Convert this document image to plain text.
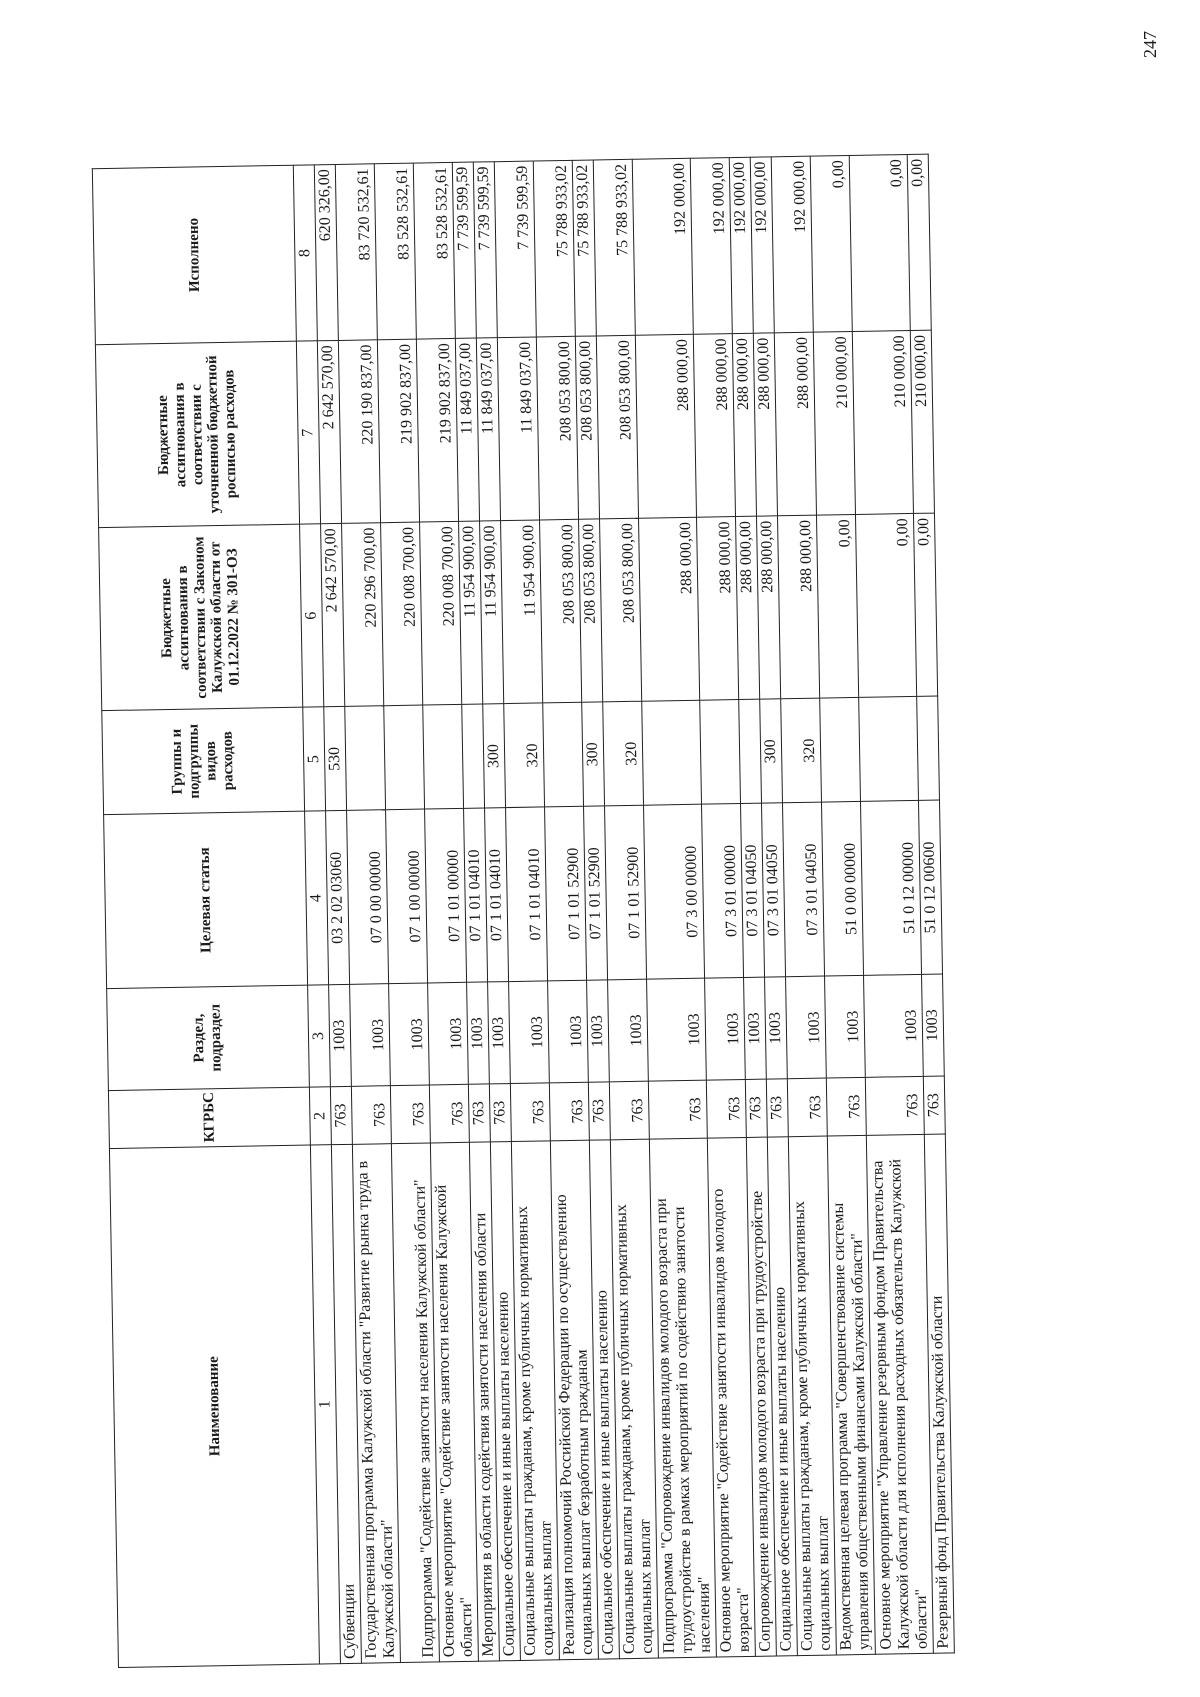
247
Наименование	КГРБС	Раздел, подраздел	Целевая статья	Группы и подгруппы видов расходов	Бюджетные ассигнования в соответствии с Законом Калужской области от 01.12.2022 № 301-ОЗ	Бюджетные ассигнования в соответствии с уточненной бюджетной росписью расходов	Исполнено
1	2	3	4	5	6	7	8
Субвенции	763	1003	03 2 02 03060	530	2 642 570,00	2 642 570,00	620 326,00
Государственная программа Калужской области "Развитие рынка труда в Калужской области"	763	1003	07 0 00 00000		220 296 700,00	220 190 837,00	83 720 532,61
Подпрограмма "Содействие занятости населения Калужской области"	763	1003	07 1 00 00000		220 008 700,00	219 902 837,00	83 528 532,61
Основное мероприятие "Содействие занятости населения Калужской области"	763	1003	07 1 01 00000		220 008 700,00	219 902 837,00	83 528 532,61
Мероприятия в области содействия занятости населения области	763	1003	07 1 01 04010		11 954 900,00	11 849 037,00	7 739 599,59
Социальное обеспечение и иные выплаты населению	763	1003	07 1 01 04010	300	11 954 900,00	11 849 037,00	7 739 599,59
Социальные выплаты гражданам, кроме публичных нормативных социальных выплат	763	1003	07 1 01 04010	320	11 954 900,00	11 849 037,00	7 739 599,59
Реализация полномочий Российской Федерации по осуществлению социальных выплат безработным гражданам	763	1003	07 1 01 52900		208 053 800,00	208 053 800,00	75 788 933,02
Социальное обеспечение и иные выплаты населению	763	1003	07 1 01 52900	300	208 053 800,00	208 053 800,00	75 788 933,02
Социальные выплаты гражданам, кроме публичных нормативных социальных выплат	763	1003	07 1 01 52900	320	208 053 800,00	208 053 800,00	75 788 933,02
Подпрограмма "Сопровождение инвалидов молодого возраста при трудоустройстве в рамках мероприятий по содействию занятости населения"	763	1003	07 3 00 00000		288 000,00	288 000,00	192 000,00
Основное мероприятие "Содействие занятости инвалидов молодого возраста"	763	1003	07 3 01 00000		288 000,00	288 000,00	192 000,00
Сопровождение инвалидов молодого возраста при трудоустройстве	763	1003	07 3 01 04050		288 000,00	288 000,00	192 000,00
Социальное обеспечение и иные выплаты населению	763	1003	07 3 01 04050	300	288 000,00	288 000,00	192 000,00
Социальные выплаты гражданам, кроме публичных нормативных социальных выплат	763	1003	07 3 01 04050	320	288 000,00	288 000,00	192 000,00
Ведомственная целевая программа "Совершенствование системы управления общественными финансами Калужской области"	763	1003	51 0 00 00000		0,00	210 000,00	0,00
Основное мероприятие "Управление резервным фондом Правительства Калужской области для исполнения расходных обязательств Калужской области"	763	1003	51 0 12 00000		0,00	210 000,00	0,00
Резервный фонд Правительства Калужской области	763	1003	51 0 12 00600		0,00	210 000,00	0,00
